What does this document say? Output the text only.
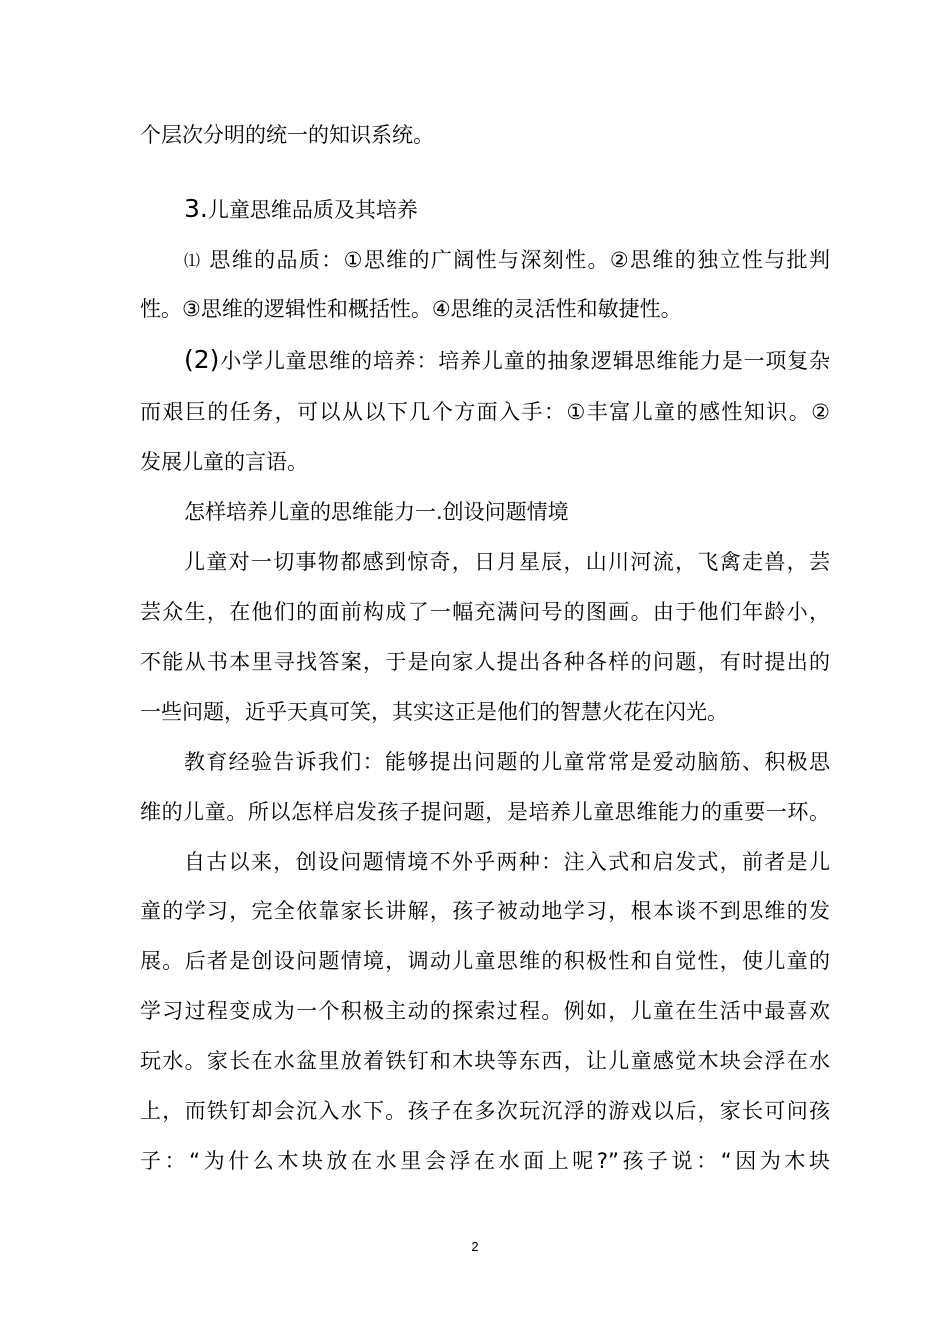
个层次分明的统一的知识系统。
3.儿童思维品质及其培养
⑴ 思维的品质：①思维的广阔性与深刻性。②思维的独立性与批判
性。③思维的逻辑性和概括性。④思维的灵活性和敏捷性。
(2)小学儿童思维的培养：培养儿童的抽象逻辑思维能力是一项复杂
而艰巨的任务，可以从以下几个方面入手：①丰富儿童的感性知识。②
发展儿童的言语。
怎样培养儿童的思维能力一.创设问题情境
儿童对一切事物都感到惊奇，日月星辰，山川河流，飞禽走兽，芸
芸众生，在他们的面前构成了一幅充满问号的图画。由于他们年龄小，
不能从书本里寻找答案，于是向家人提出各种各样的问题，有时提出的
一些问题，近乎天真可笑，其实这正是他们的智慧火花在闪光。
教育经验告诉我们：能够提出问题的儿童常常是爱动脑筋、积极思
维的儿童。所以怎样启发孩子提问题，是培养儿童思维能力的重要一环。
自古以来，创设问题情境不外乎两种：注入式和启发式，前者是儿
童的学习，完全依靠家长讲解，孩子被动地学习，根本谈不到思维的发
展。后者是创设问题情境，调动儿童思维的积极性和自觉性，使儿童的
学习过程变成为一个积极主动的探索过程。例如，儿童在生活中最喜欢
玩水。家长在水盆里放着铁钉和木块等东西，让儿童感觉木块会浮在水
上，而铁钉却会沉入水下。孩子在多次玩沉浮的游戏以后，家长可问孩
子：“为什么木块放在水里会浮在水面上呢?”孩子说：“因为木块
2
